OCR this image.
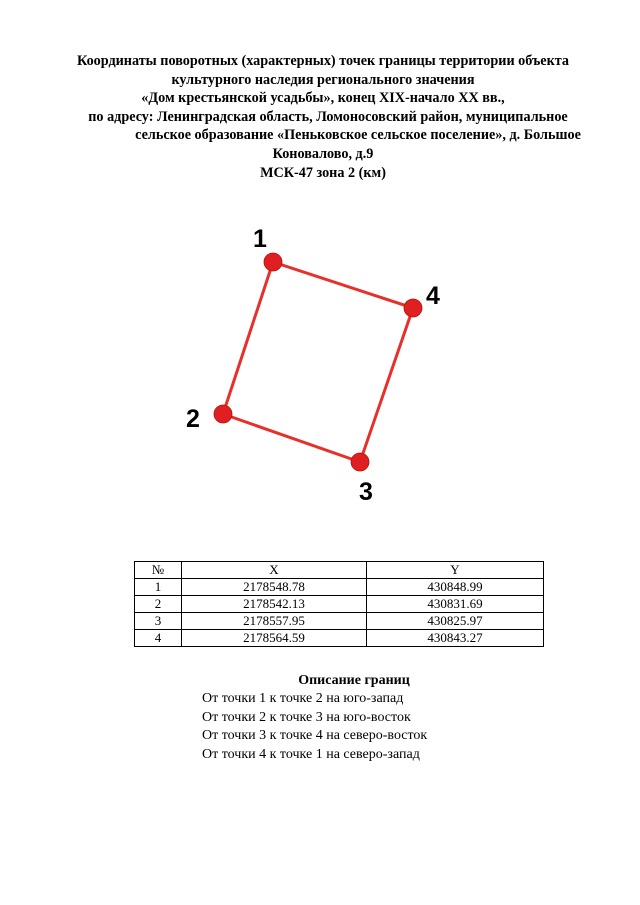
Координаты поворотных (характерных) точек границы территории объекта
культурного наследия регионального значения
«Дом крестьянской усадьбы», конец XIX-начало XX вв.,
по адресу: Ленинградская область, Ломоносовский район, муниципальное
сельское образование «Пеньковское сельское поселение», д. Большое
Коновалово, д.9
МСК-47 зона 2 (км)
1
2
3
4
№	X	Y
1	2178548.78	430848.99
2	2178542.13	430831.69
3	2178557.95	430825.97
4	2178564.59	430843.27
Описание границ
От точки 1 к точке 2 на юго-запад
От точки 2 к точке 3 на юго-восток
От точки 3 к точке 4 на северо-восток
От точки 4 к точке 1 на северо-запад
